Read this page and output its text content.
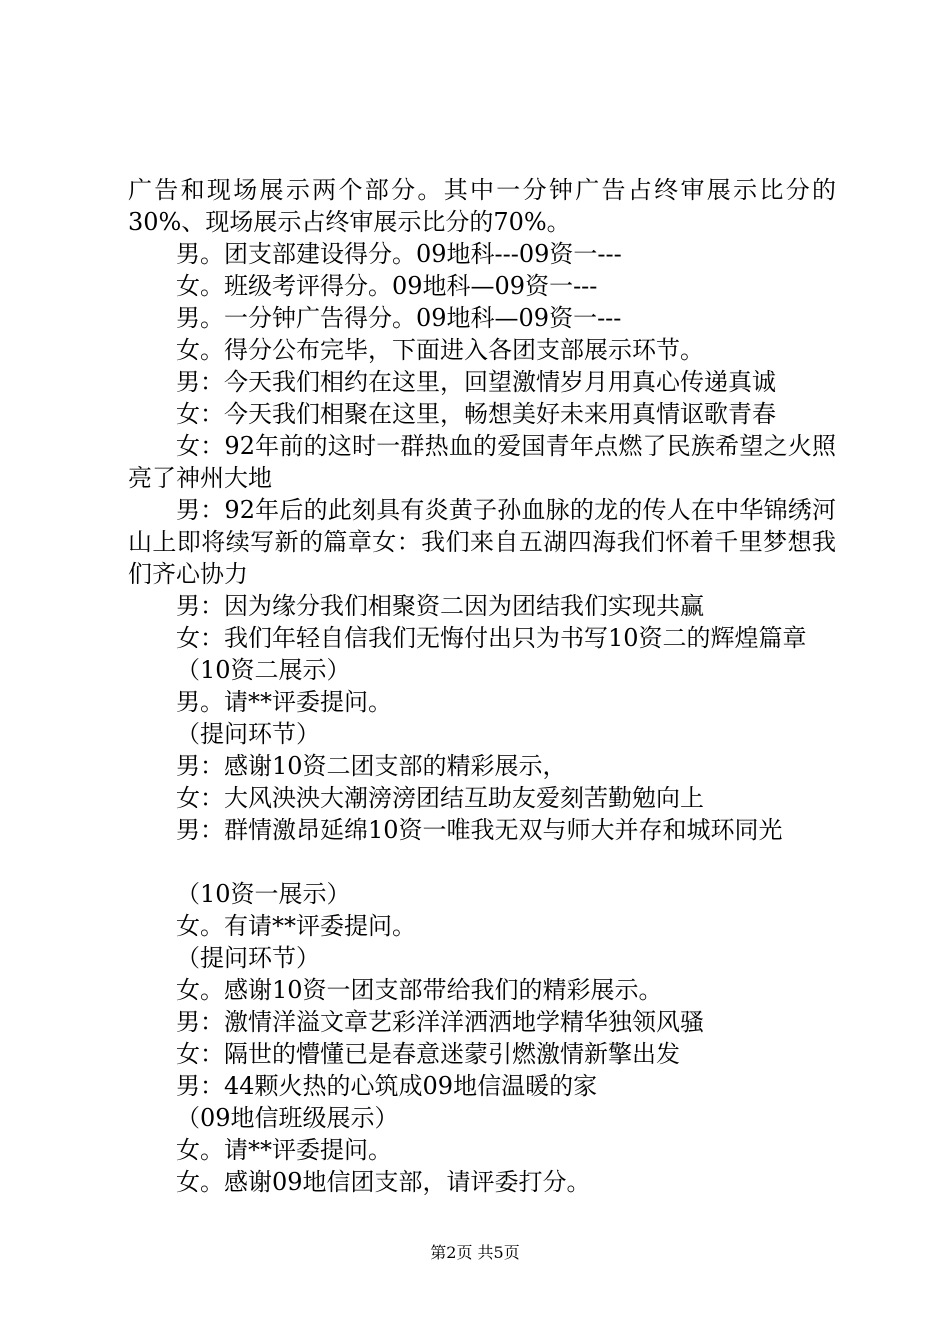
广告和现场展示两个部分。其中一分钟广告占终审展示比分的30%、现场展示占终审展示比分的70%。
男。团支部建设得分。09地科---09资一---
女。班级考评得分。09地科—09资一---
男。一分钟广告得分。09地科—09资一---
女。得分公布完毕，下面进入各团支部展示环节。
男：今天我们相约在这里，回望激情岁月用真心传递真诚
女：今天我们相聚在这里，畅想美好未来用真情讴歌青春
女：92年前的这时一群热血的爱国青年点燃了民族希望之火照亮了神州大地
男：92年后的此刻具有炎黄子孙血脉的龙的传人在中华锦绣河山上即将续写新的篇章女：我们来自五湖四海我们怀着千里梦想我们齐心协力
男：因为缘分我们相聚资二因为团结我们实现共赢
女：我们年轻自信我们无悔付出只为书写10资二的辉煌篇章
（10资二展示）
男。请**评委提问。
（提问环节）
男：感谢10资二团支部的精彩展示，
女：大风泱泱大潮滂滂团结互助友爱刻苦勤勉向上
男：群情激昂延绵10资一唯我无双与师大并存和城环同光
（10资一展示）
女。有请**评委提问。
（提问环节）
女。感谢10资一团支部带给我们的精彩展示。
男：激情洋溢文章艺彩洋洋洒洒地学精华独领风骚
女：隔世的懵懂已是春意迷蒙引燃激情新擎出发
男：44颗火热的心筑成09地信温暖的家
（09地信班级展示）
女。请**评委提问。
女。感谢09地信团支部，请评委打分。
第2页 共5页
